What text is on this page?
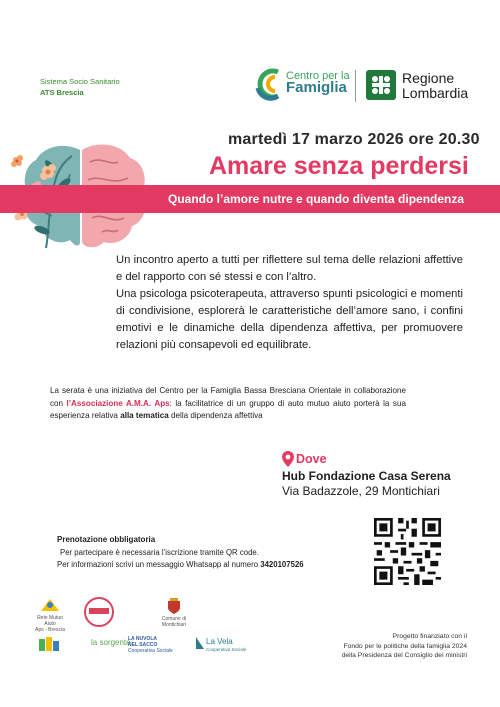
Sistema Socio Sanitario
ATS Brescia
Centro per la
Famiglia
Regione
Lombardia
martedì 17 marzo 2026 ore 20.30
Amare senza perdersi
Quando l’amore nutre e quando diventa dipendenza

Un incontro aperto a tutti per riflettere sul tema delle relazioni affettive e del rapporto con sé stessi e con l’altro.

Una psicologa psicoterapeuta, attraverso spunti psicologici e momenti di condivisione, esplorerà le caratteristiche dell’amore sano, i confini emotivi e le dinamiche della dipendenza affettiva, per promuovere relazioni più consapevoli ed equilibrate.

La serata è una iniziativa del Centro per la Famiglia Bassa Bresciana Orientale in collaborazione con l’Associazione A.M.A. Aps: la facilitatrice di un gruppo di auto mutuo aiuto porterà la sua esperienza relativa alla tematica della dipendenza affettiva
Dove
Hub Fondazione Casa Serena
Via Badazzole, 29 Montichiari
Prenotazione obbligatoria
Per partecipare è necessaria l’iscrizione tramite QR code.
Per informazioni scrivi un messaggio Whatsapp al numero 3420107526
Rete Mutuo Aiuto
Aps - Brescia
Comune di Montichiari
la sorgente
LA NUVOLA
NEL SACCO
Cooperativa Sociale
La Vela
Cooperativa Sociale
Progetto finanziato con il
Fondo per le politiche della famiglia 2024
della Presidenza del Consiglio dei ministri
